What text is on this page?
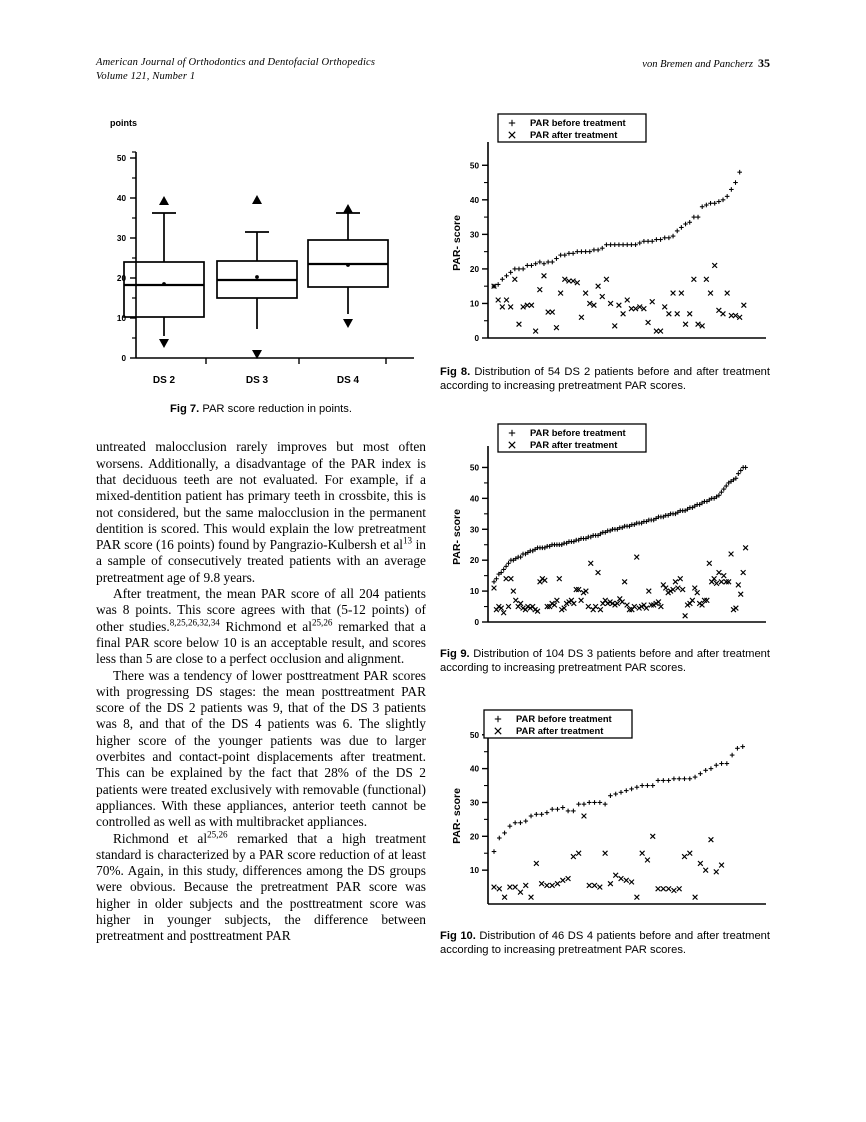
American Journal of Orthodontics and Dentofacial Orthopedics
Volume 121, Number 1
von Bremen and Pancherz 35
points
0
10
20
30
40
50
DS 2	DS 3	DS 4
Fig 7. PAR score reduction in points.

untreated malocclusion rarely improves but most often worsens. Additionally, a disadvantage of the PAR index is that deciduous teeth are not evaluated. For example, if a mixed-dentition patient has primary teeth in crossbite, this is not considered, but the same malocclusion in the permanent dentition is scored. This would explain the low pretreatment PAR score (16 points) found by Pangrazio-Kulbersh et $al^{13}$ in a sample of consecutively treated patients with an average pretreatment age of 9.8 years.

After treatment, the mean PAR score of all 204 patients was 8 points. This score agrees with that (5-12 points) of other studies.$^{8,25,26,32,34}$ Richmond et al$^{25,26}$ remarked that a final PAR score below 10 is an acceptable result, and scores less than 5 are close to a perfect occlusion and alignment.

There was a tendency of lower posttreatment PAR scores with progressing DS stages: the mean posttreatment PAR score of the DS 2 patients was 9, that of the DS 3 patients was 8, and that of the DS 4 patients was 6. The slightly higher score of the younger patients was due to larger overbites and contact-point displacements after treatment. This can be explained by the fact that 28% of the DS 2 patients were treated exclusively with removable (functional) appliances. With these appliances, anterior teeth cannot be controlled as well as with multibracket appliances.

Richmond et al$^{25,26}$ remarked that a high treatment standard is characterized by a PAR score reduction of at least 70%. Again, in this study, differences among the DS groups were obvious. Because the pretreatment PAR score was higher in older subjects and the posttreatment score was higher in younger subjects, the difference between pretreatment and posttreatment PAR

0
10
20
30
40
50
PAR- score
PAR before treatment
PAR after treatment
Fig 8. Distribution of 54 DS 2 patients before and after treatment according to increasing pretreatment PAR scores.
0
10
20
30
40
50
PAR- score
PAR before treatment
PAR after treatment
Fig 9. Distribution of 104 DS 3 patients before and after treatment according to increasing pretreatment PAR scores.
10
20
30
40
50
PAR- score
PAR before treatment
PAR after treatment
Fig 10. Distribution of 46 DS 4 patients before and after treatment according to increasing pretreatment PAR scores.
